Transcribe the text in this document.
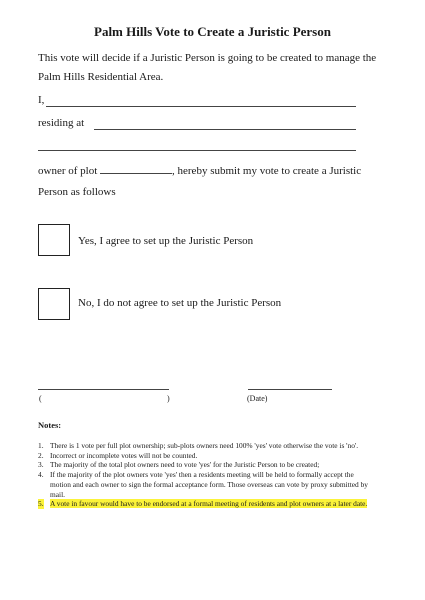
Palm Hills Vote to Create a Juristic Person
This vote will decide if a Juristic Person is going to be created to manage the Palm Hills Residential Area.
I,
residing at
owner of plot	, hereby submit my vote to create a Juristic Person as follows
Yes, I agree to set up the Juristic Person
No, I do not agree to set up the Juristic Person
(	)	(Date)
Notes:
1. There is 1 vote per full plot ownership; sub-plots owners need 100% 'yes' vote otherwise the vote is 'no'.
2. Incorrect or incomplete votes will not be counted.
3. The majority of the total plot owners need to vote 'yes' for the Juristic Person to be created;
4. If the majority of the plot owners vote 'yes' then a residents meeting will be held to formally accept the motion and each owner to sign the formal acceptance form. Those overseas can vote by proxy submitted by mail.
5. A vote in favour would have to be endorsed at a formal meeting of residents and plot owners at a later date.
